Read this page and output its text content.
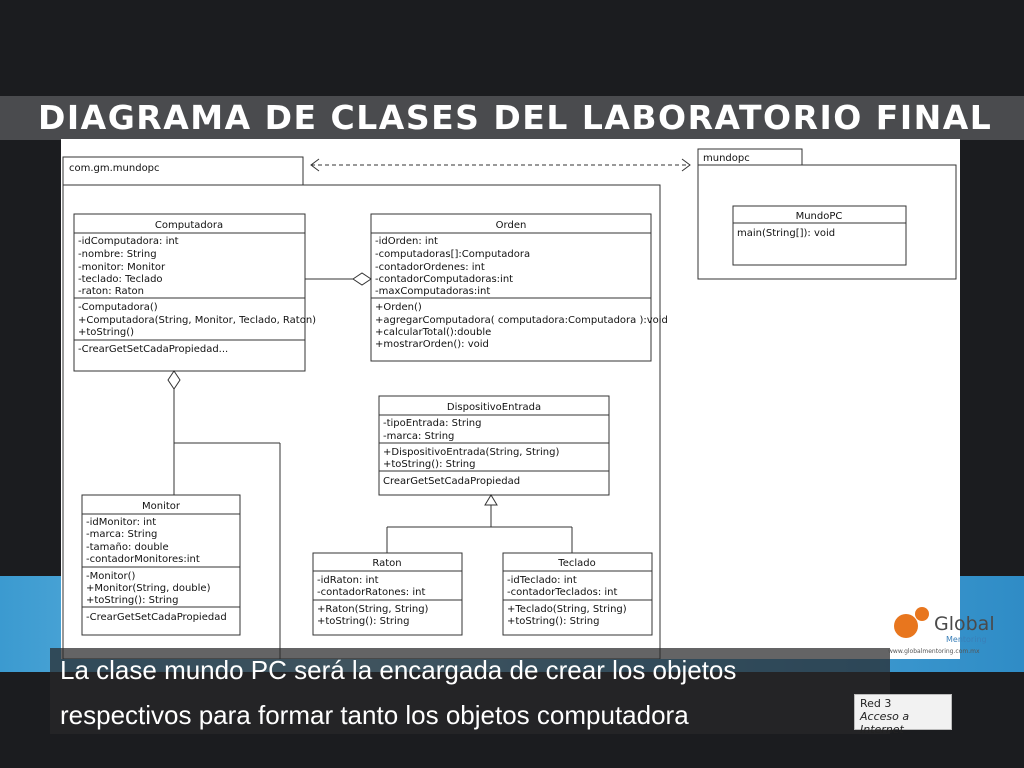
DIAGRAMA DE CLASES DEL LABORATORIO FINAL
com.gm.mundopc
mundopc
MundoPC
main(String[]): void
Computadora
-idComputadora: int
-nombre: String
-monitor: Monitor
-teclado: Teclado
-raton: Raton
-Computadora()
+Computadora(String, Monitor, Teclado, Raton)
+toString()
-CrearGetSetCadaPropiedad...
Orden
-idOrden: int
-computadoras[]:Computadora
-contadorOrdenes: int
-contadorComputadoras:int
-maxComputadoras:int
+Orden()
+agregarComputadora( computadora:Computadora ):void
+calcularTotal():double
+mostrarOrden(): void
DispositivoEntrada
-tipoEntrada: String
-marca: String
+DispositivoEntrada(String, String)
+toString(): String
CrearGetSetCadaPropiedad
Monitor
-idMonitor: int
-marca: String
-tamaño: double
-contadorMonitores:int
-Monitor()
+Monitor(String, double)
+toString(): String
-CrearGetSetCadaPropiedad
Raton
-idRaton: int
-contadorRatones: int
+Raton(String, String)
+toString(): String
Teclado
-idTeclado: int
-contadorTeclados: int
+Teclado(String, String)
+toString(): String
La clase mundo PC será la encargada de crear los objetos
respectivos para formar tanto los objetos computadora
Global
Mentoring
www.globalmentoring.com.mx
Red 3
Acceso a Internet
